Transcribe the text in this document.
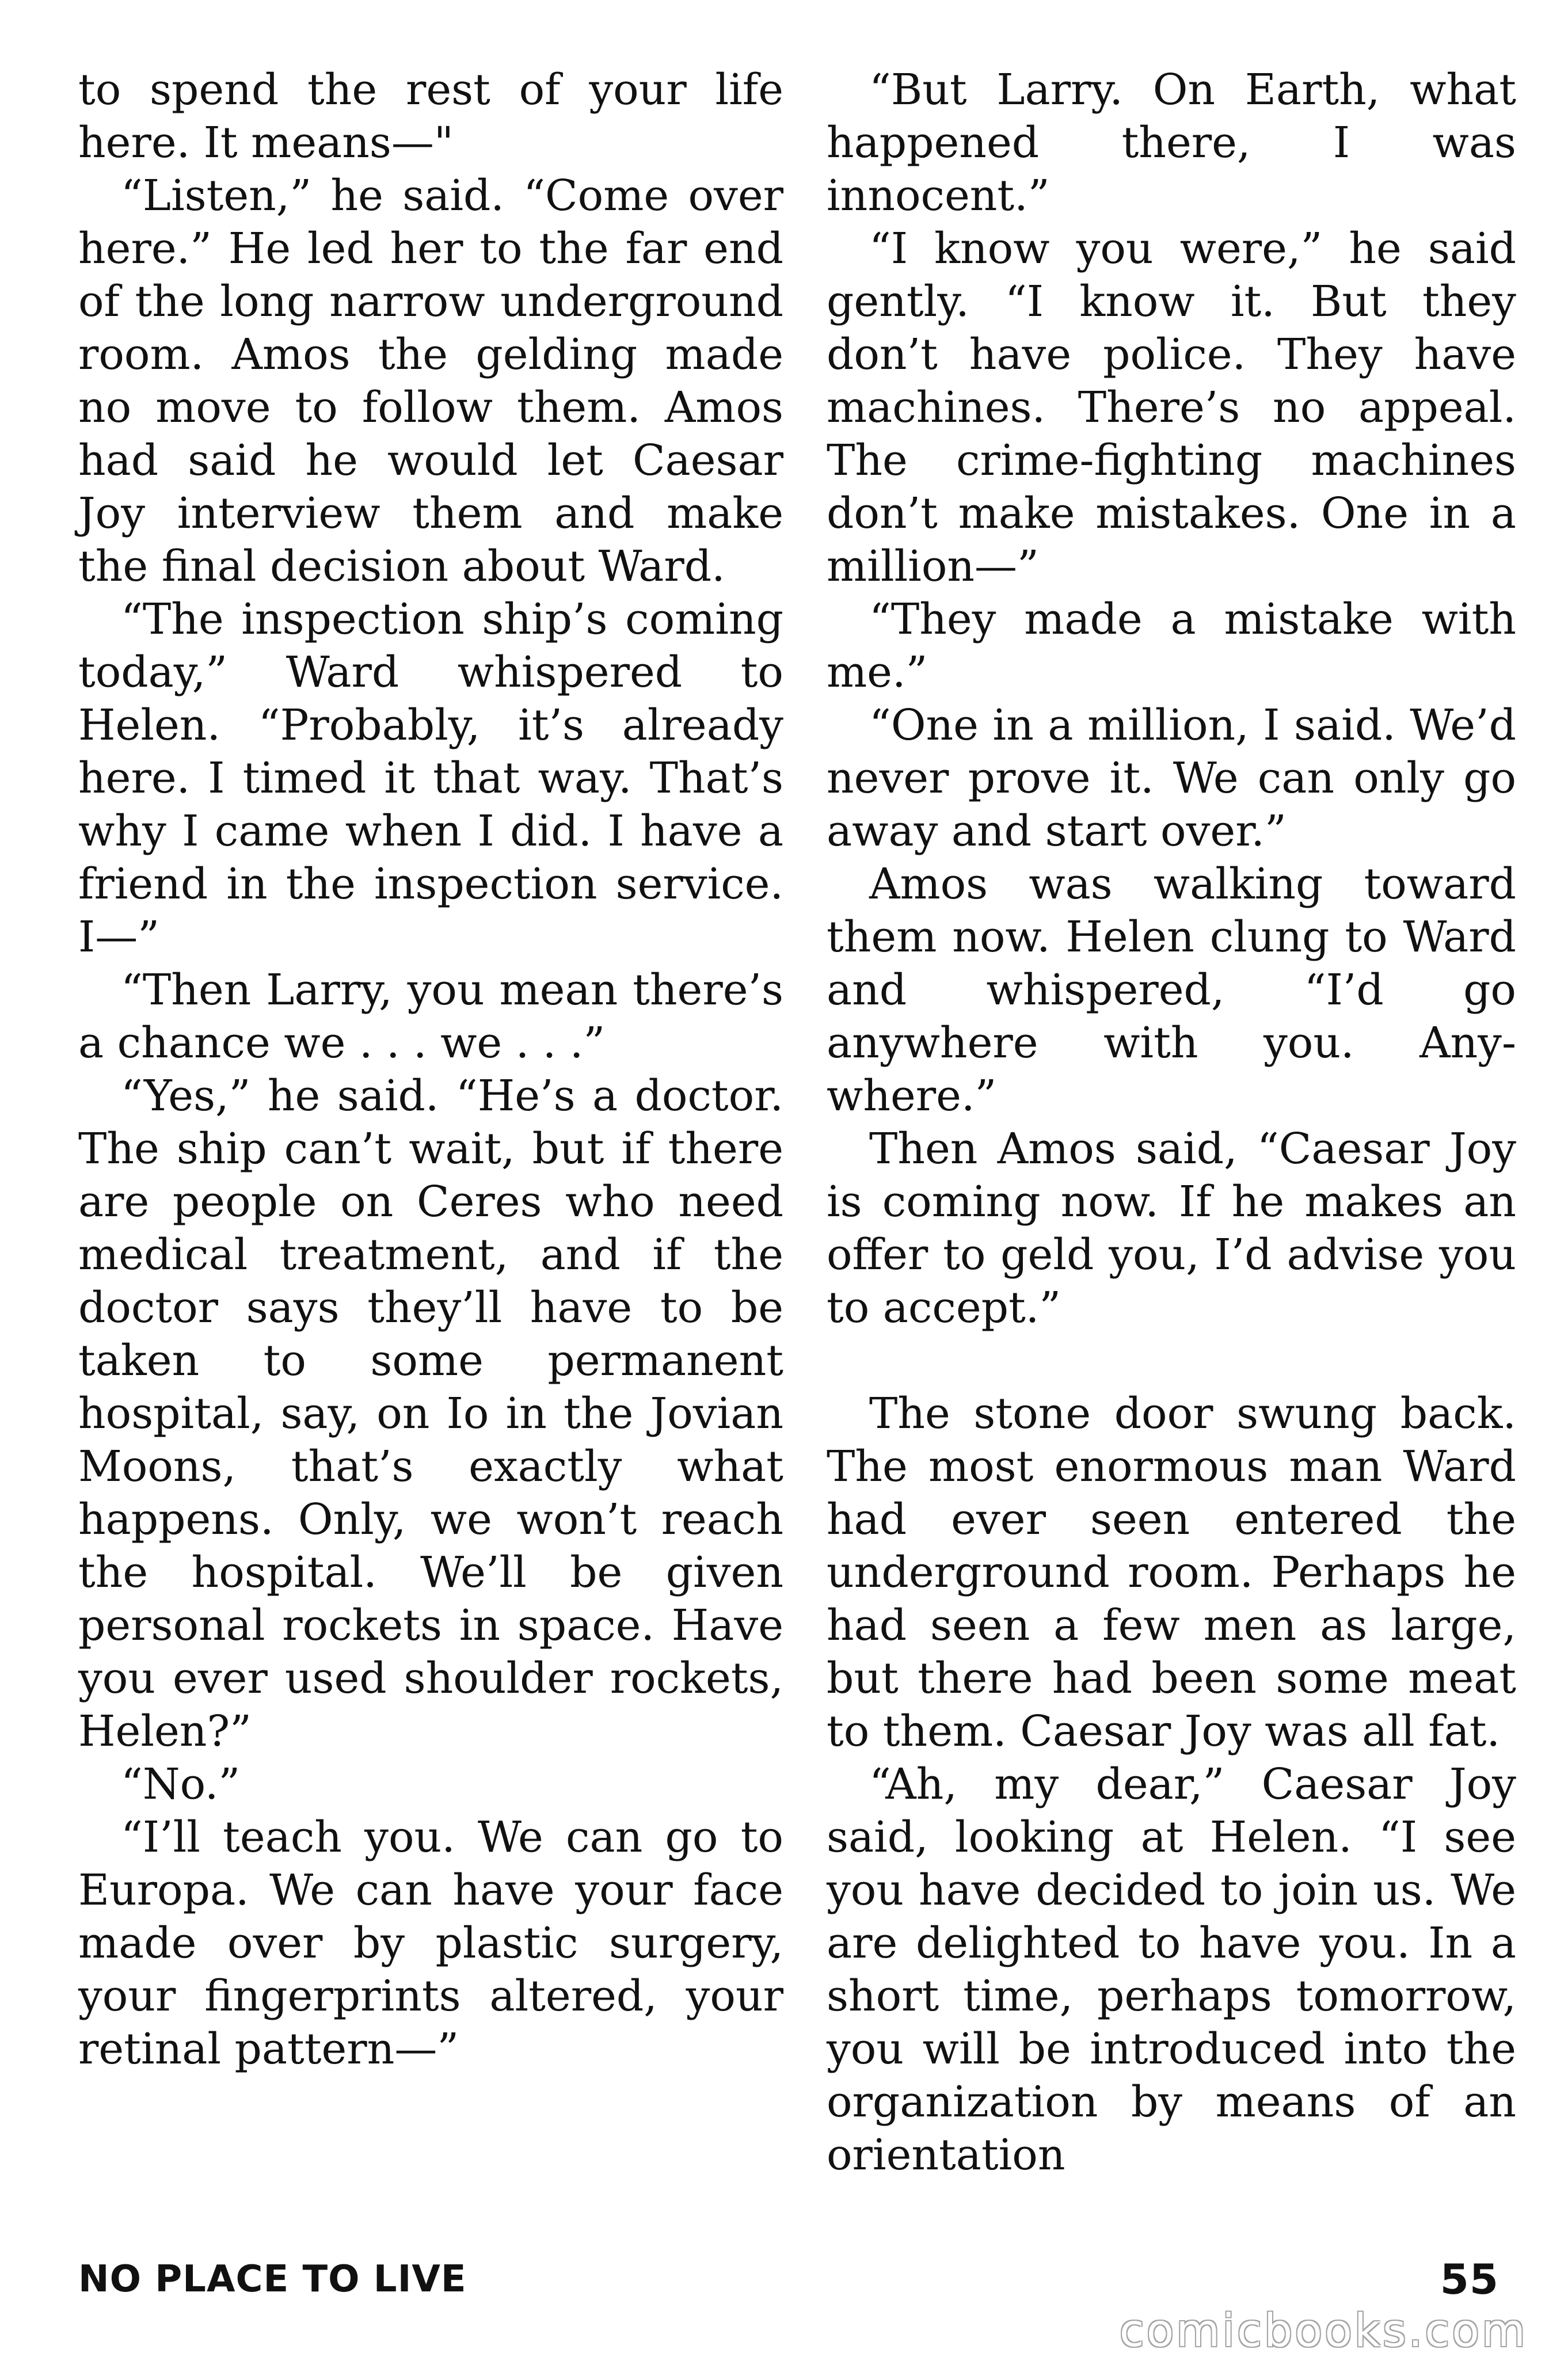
to spend the rest of your life here. It means—"

“Listen,” he said. “Come over here.” He led her to the far end of the long narrow underground room. Amos the gelding made no move to follow them. Amos had said he would let Caesar Joy interview them and make the final decision about Ward.

“The inspection ship’s coming today,” Ward whispered to Helen. “Probably, it’s already here. I timed it that way. That’s why I came when I did. I have a friend in the inspection service. I—”

“Then Larry, you mean there’s a chance we . . . we . . .”

“Yes,” he said. “He’s a doctor. The ship can’t wait, but if there are people on Ceres who need medical treatment, and if the doctor says they’ll have to be taken to some permanent hospital, say, on Io in the Jovian Moons, that’s exactly what happens. Only, we won’t reach the hospital. We’ll be given personal rockets in space. Have you ever used shoulder rockets, Helen?”

“No.”

“I’ll teach you. We can go to Europa. We can have your face made over by plastic surgery, your fingerprints altered, your retinal pattern—”

“But Larry. On Earth, what happened there, I was innocent.”

“I know you were,” he said gently. “I know it. But they don’t have police. They have machines. There’s no appeal. The crime-fighting machines don’t make mistakes. One in a million—”

“They made a mistake with me.”

“One in a million, I said. We’d never prove it. We can only go away and start over.”

Amos was walking toward them now. Helen clung to Ward and whispered, “I’d go anywhere with you. Anywhere.”

Then Amos said, “Caesar Joy is coming now. If he makes an offer to geld you, I’d advise you to accept.”

The stone door swung back. The most enormous man Ward had ever seen entered the underground room. Perhaps he had seen a few men as large, but there had been some meat to them. Caesar Joy was all fat.

“Ah, my dear,” Caesar Joy said, looking at Helen. “I see you have decided to join us. We are delighted to have you. In a short time, perhaps tomorrow, you will be introduced into the organization by means of an orientation

NO PLACE TO LIVE	55
comicbooks.com
